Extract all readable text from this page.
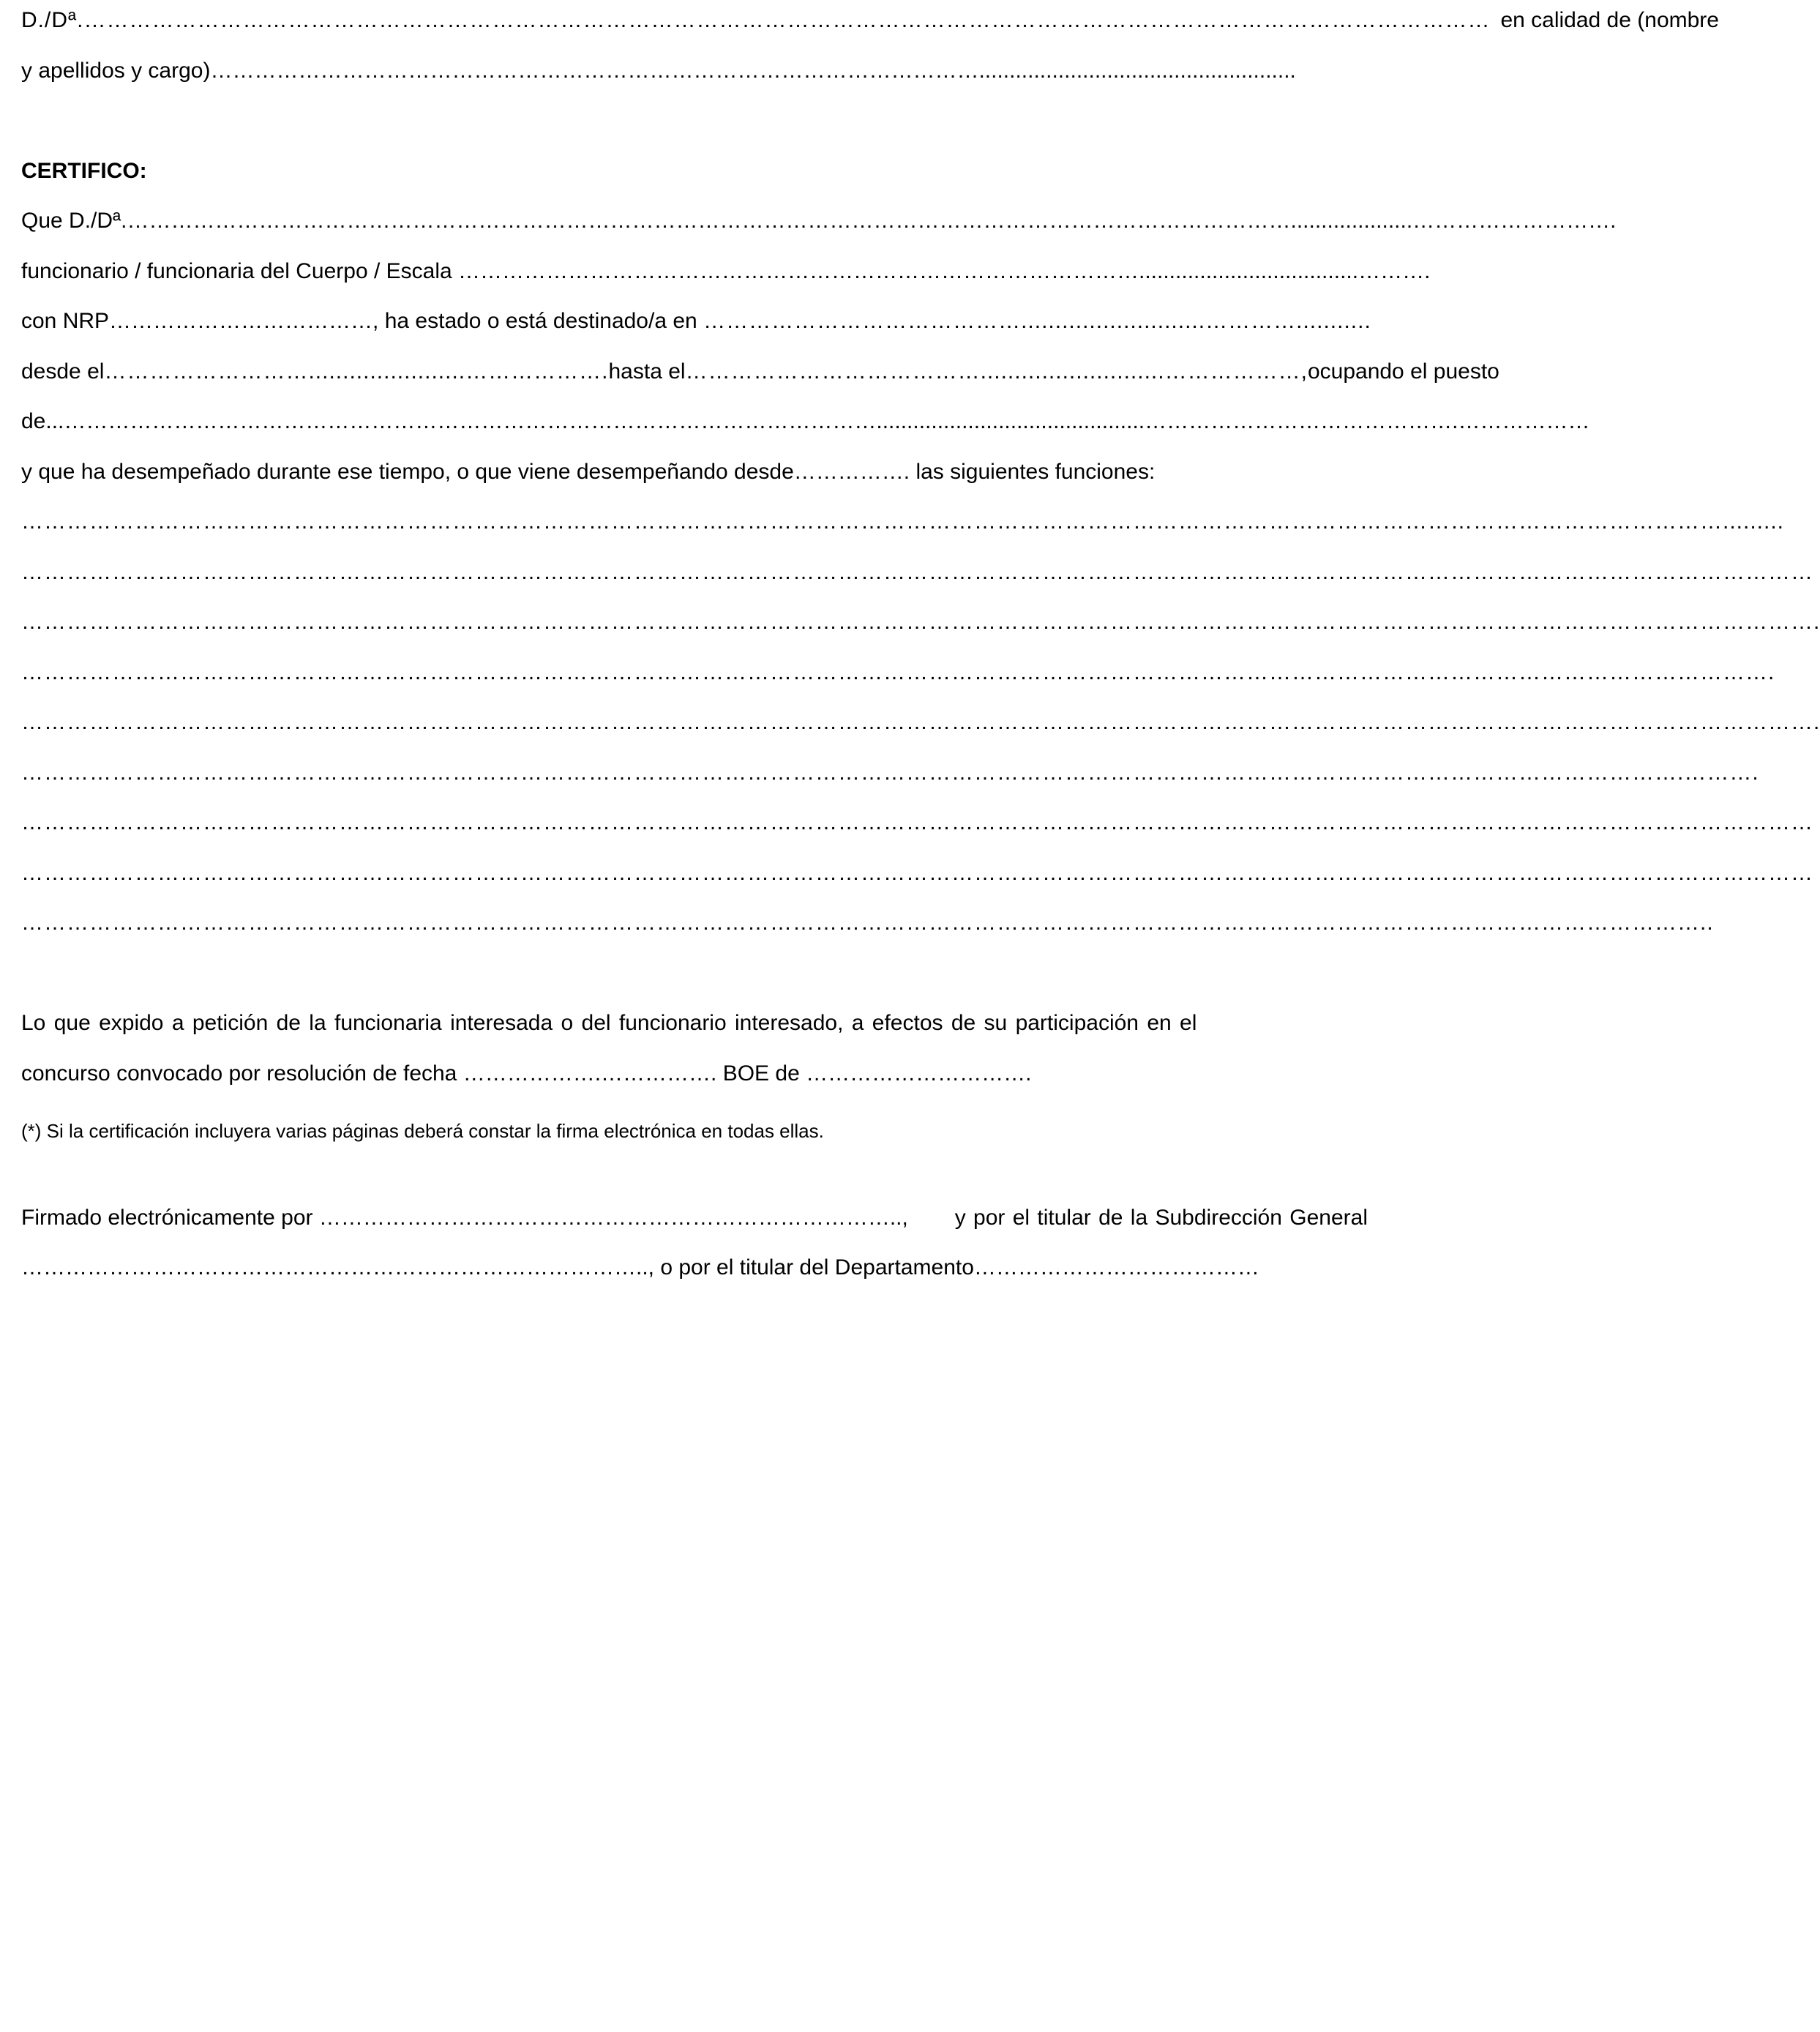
D./Dª.…………………………………………………………………………………………………………………………………………………………………… en calidad de (nombre
y apellidos y cargo)……………………………………………………………………………………………....................................................
CERTIFICO:
Que D./Dª.……………………………………………………………………………………………………………………………………………....................……………………….
funcionario / funcionaria del Cuerpo / Escala …………………………………………………………………………………....................................……….
con NRP………………………………, ha estado o está destinado/a en ……………………………………...........................…………...........
desde el ……………………….......................………………. hasta el …………………………………...........................………………, ocupando el puesto
de...…………………………………………………………………………………………………............................................…………………………………….………………
y que ha desempeñado durante ese tiempo, o que viene desempeñando desde……………. las siguientes funciones:
……………………………………………………………………………………………………………………………………………………………………………………………………….........
…………………………………………………………………………………………………………………………………………………………………………………………………………………
………………………………………………………………………………………………………………………………………………………………………………………………………………….
…………………………………………………………………………………………………………………………………………………………………………………………………………….
………………………………………………………………………………………………………………………………………………………………………………………………………………….
………………………………………………………………………………………………………………………………………………………………………………………………….……….
…………………………………………………………………………………………………………………………………………………………………………………………………………………
…………………………………………………………………………………………………………………………………………………………………………………………………………………
……………………………………………………………………………………………………………………………………………………………………………………………………..
Lo que expido a petición de la funcionaria interesada o del funcionario interesado, a efectos de su participación en el
concurso convocado por resolución de fecha ……………….……………. BOE de ………………………….
(*) Si la certificación incluyera varias páginas deberá constar la firma electrónica en todas ellas.
Firmado electrónicamente por …………………………………………………………………….., y por el titular de la Subdirección General
………………………………………………………………………….., o por el titular del Departamento…………………………………
